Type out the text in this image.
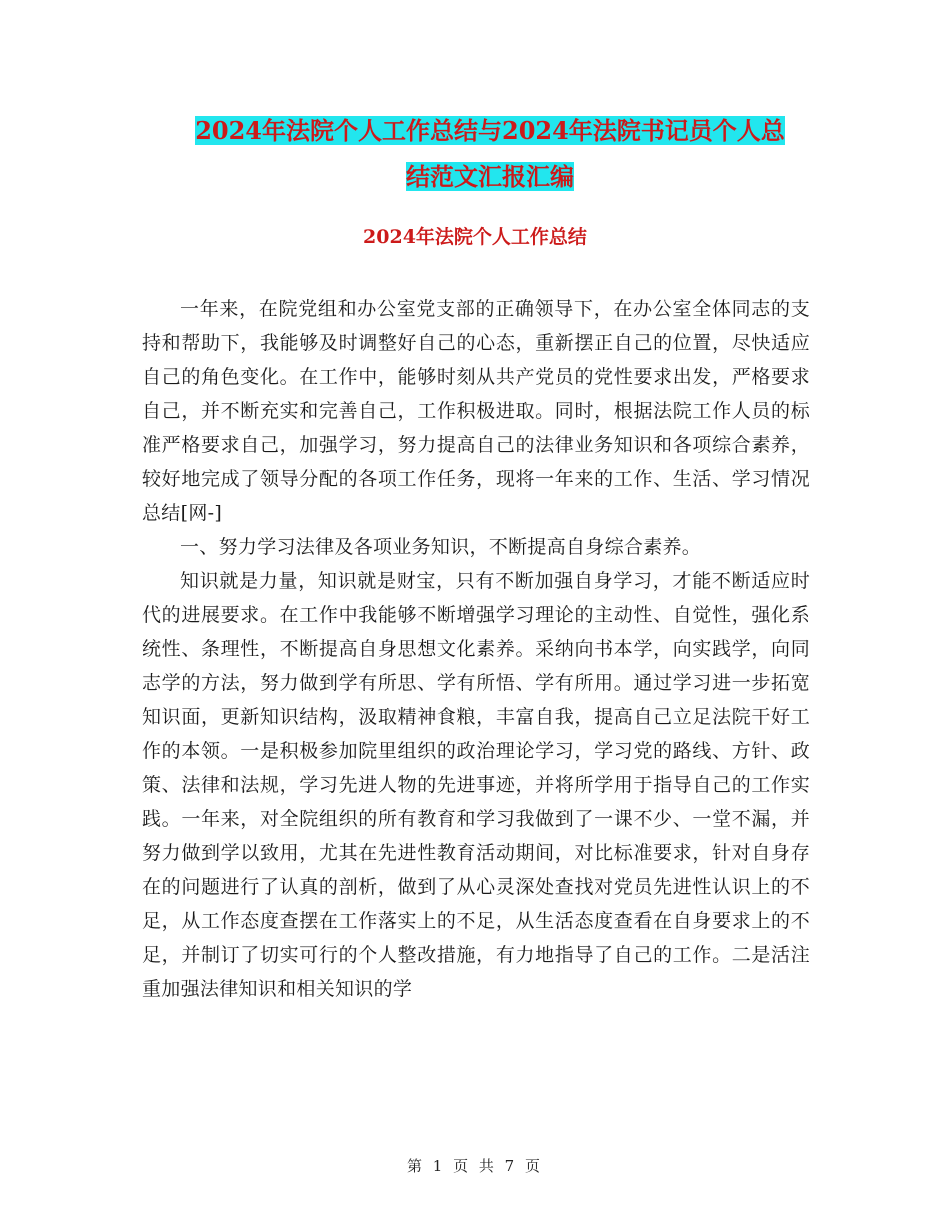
2024年法院个人工作总结与2024年法院书记员个人总
结范文汇报汇编
2024年法院个人工作总结

一年来，在院党组和办公室党支部的正确领导下，在办公室全体同志的支持和帮助下，我能够及时调整好自己的心态，重新摆正自己的位置，尽快适应自己的角色变化。在工作中，能够时刻从共产党员的党性要求出发，严格要求自己，并不断充实和完善自己，工作积极进取。同时，根据法院工作人员的标准严格要求自己，加强学习，努力提高自己的法律业务知识和各项综合素养，较好地完成了领导分配的各项工作任务，现将一年来的工作、生活、学习情况总结[网-]

一、努力学习法律及各项业务知识，不断提高自身综合素养。

知识就是力量，知识就是财宝，只有不断加强自身学习，才能不断适应时代的进展要求。在工作中我能够不断增强学习理论的主动性、自觉性，强化系统性、条理性，不断提高自身思想文化素养。采纳向书本学，向实践学，向同志学的方法，努力做到学有所思、学有所悟、学有所用。通过学习进一步拓宽知识面，更新知识结构，汲取精神食粮，丰富自我，提高自己立足法院干好工作的本领。一是积极参加院里组织的政治理论学习，学习党的路线、方针、政策、法律和法规，学习先进人物的先进事迹，并将所学用于指导自己的工作实践。一年来，对全院组织的所有教育和学习我做到了一课不少、一堂不漏，并努力做到学以致用，尤其在先进性教育活动期间，对比标准要求，针对自身存在的问题进行了认真的剖析，做到了从心灵深处查找对党员先进性认识上的不足，从工作态度查摆在工作落实上的不足，从生活态度查看在自身要求上的不足，并制订了切实可行的个人整改措施，有力地指导了自己的工作。二是活注重加强法律知识和相关知识的学

第 1 页 共 7 页
